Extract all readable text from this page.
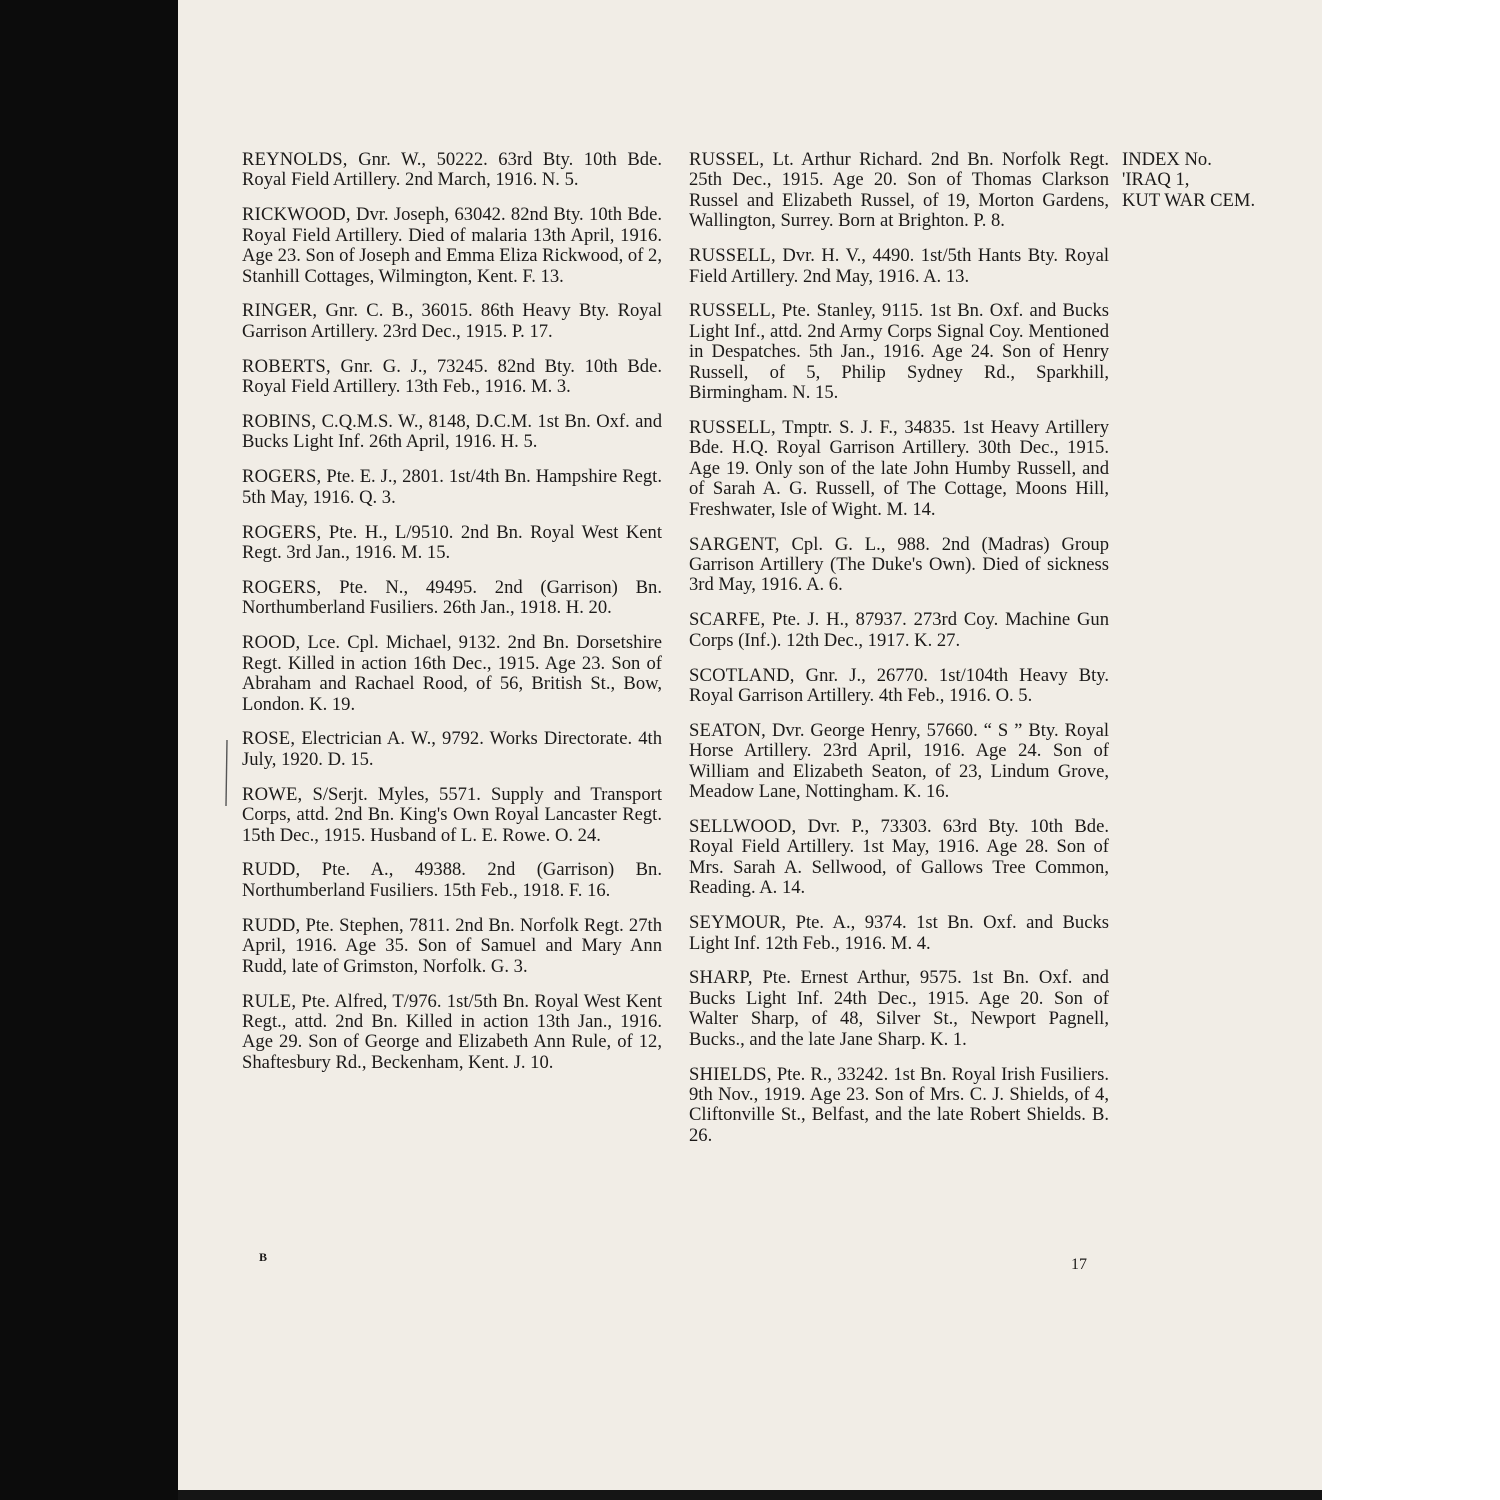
REYNOLDS, Gnr. W., 50222. 63rd Bty. 10th Bde. Royal Field Artillery. 2nd March, 1916. N. 5.

RICKWOOD, Dvr. Joseph, 63042. 82nd Bty. 10th Bde. Royal Field Artillery. Died of malaria 13th April, 1916. Age 23. Son of Joseph and Emma Eliza Rickwood, of 2, Stanhill Cottages, Wilmington, Kent. F. 13.

RINGER, Gnr. C. B., 36015. 86th Heavy Bty. Royal Garrison Artillery. 23rd Dec., 1915. P. 17.

ROBERTS, Gnr. G. J., 73245. 82nd Bty. 10th Bde. Royal Field Artillery. 13th Feb., 1916. M. 3.

ROBINS, C.Q.M.S. W., 8148, D.C.M. 1st Bn. Oxf. and Bucks Light Inf. 26th April, 1916. H. 5.

ROGERS, Pte. E. J., 2801. 1st/4th Bn. Hampshire Regt. 5th May, 1916. Q. 3.

ROGERS, Pte. H., L/9510. 2nd Bn. Royal West Kent Regt. 3rd Jan., 1916. M. 15.

ROGERS, Pte. N., 49495. 2nd (Garrison) Bn. Northumberland Fusiliers. 26th Jan., 1918. H. 20.

ROOD, Lce. Cpl. Michael, 9132. 2nd Bn. Dorsetshire Regt. Killed in action 16th Dec., 1915. Age 23. Son of Abraham and Rachael Rood, of 56, British St., Bow, London. K. 19.

ROSE, Electrician A. W., 9792. Works Directorate. 4th July, 1920. D. 15.

ROWE, S/Serjt. Myles, 5571. Supply and Transport Corps, attd. 2nd Bn. King's Own Royal Lancaster Regt. 15th Dec., 1915. Husband of L. E. Rowe. O. 24.

RUDD, Pte. A., 49388. 2nd (Garrison) Bn. Northumberland Fusiliers. 15th Feb., 1918. F. 16.

RUDD, Pte. Stephen, 7811. 2nd Bn. Norfolk Regt. 27th April, 1916. Age 35. Son of Samuel and Mary Ann Rudd, late of Grimston, Norfolk. G. 3.

RULE, Pte. Alfred, T/976. 1st/5th Bn. Royal West Kent Regt., attd. 2nd Bn. Killed in action 13th Jan., 1916. Age 29. Son of George and Elizabeth Ann Rule, of 12, Shaftesbury Rd., Beckenham, Kent. J. 10.

RUSSEL, Lt. Arthur Richard. 2nd Bn. Norfolk Regt. 25th Dec., 1915. Age 20. Son of Thomas Clarkson Russel and Elizabeth Russel, of 19, Morton Gardens, Wallington, Surrey. Born at Brighton. P. 8.

RUSSELL, Dvr. H. V., 4490. 1st/5th Hants Bty. Royal Field Artillery. 2nd May, 1916. A. 13.

RUSSELL, Pte. Stanley, 9115. 1st Bn. Oxf. and Bucks Light Inf., attd. 2nd Army Corps Signal Coy. Mentioned in Despatches. 5th Jan., 1916. Age 24. Son of Henry Russell, of 5, Philip Sydney Rd., Sparkhill, Birmingham. N. 15.

RUSSELL, Tmptr. S. J. F., 34835. 1st Heavy Artillery Bde. H.Q. Royal Garrison Artillery. 30th Dec., 1915. Age 19. Only son of the late John Humby Russell, and of Sarah A. G. Russell, of The Cottage, Moons Hill, Freshwater, Isle of Wight. M. 14.

SARGENT, Cpl. G. L., 988. 2nd (Madras) Group Garrison Artillery (The Duke's Own). Died of sickness 3rd May, 1916. A. 6.

SCARFE, Pte. J. H., 87937. 273rd Coy. Machine Gun Corps (Inf.). 12th Dec., 1917. K. 27.

SCOTLAND, Gnr. J., 26770. 1st/104th Heavy Bty. Royal Garrison Artillery. 4th Feb., 1916. O. 5.

SEATON, Dvr. George Henry, 57660. “ S ” Bty. Royal Horse Artillery. 23rd April, 1916. Age 24. Son of William and Elizabeth Seaton, of 23, Lindum Grove, Meadow Lane, Nottingham. K. 16.

SELLWOOD, Dvr. P., 73303. 63rd Bty. 10th Bde. Royal Field Artillery. 1st May, 1916. Age 28. Son of Mrs. Sarah A. Sellwood, of Gallows Tree Common, Reading. A. 14.

SEYMOUR, Pte. A., 9374. 1st Bn. Oxf. and Bucks Light Inf. 12th Feb., 1916. M. 4.

SHARP, Pte. Ernest Arthur, 9575. 1st Bn. Oxf. and Bucks Light Inf. 24th Dec., 1915. Age 20. Son of Walter Sharp, of 48, Silver St., Newport Pagnell, Bucks., and the late Jane Sharp. K. 1.

SHIELDS, Pte. R., 33242. 1st Bn. Royal Irish Fusiliers. 9th Nov., 1919. Age 23. Son of Mrs. C. J. Shields, of 4, Cliftonville St., Belfast, and the late Robert Shields. B. 26.

INDEX No.
'IRAQ 1,
KUT WAR CEM.
B	17
